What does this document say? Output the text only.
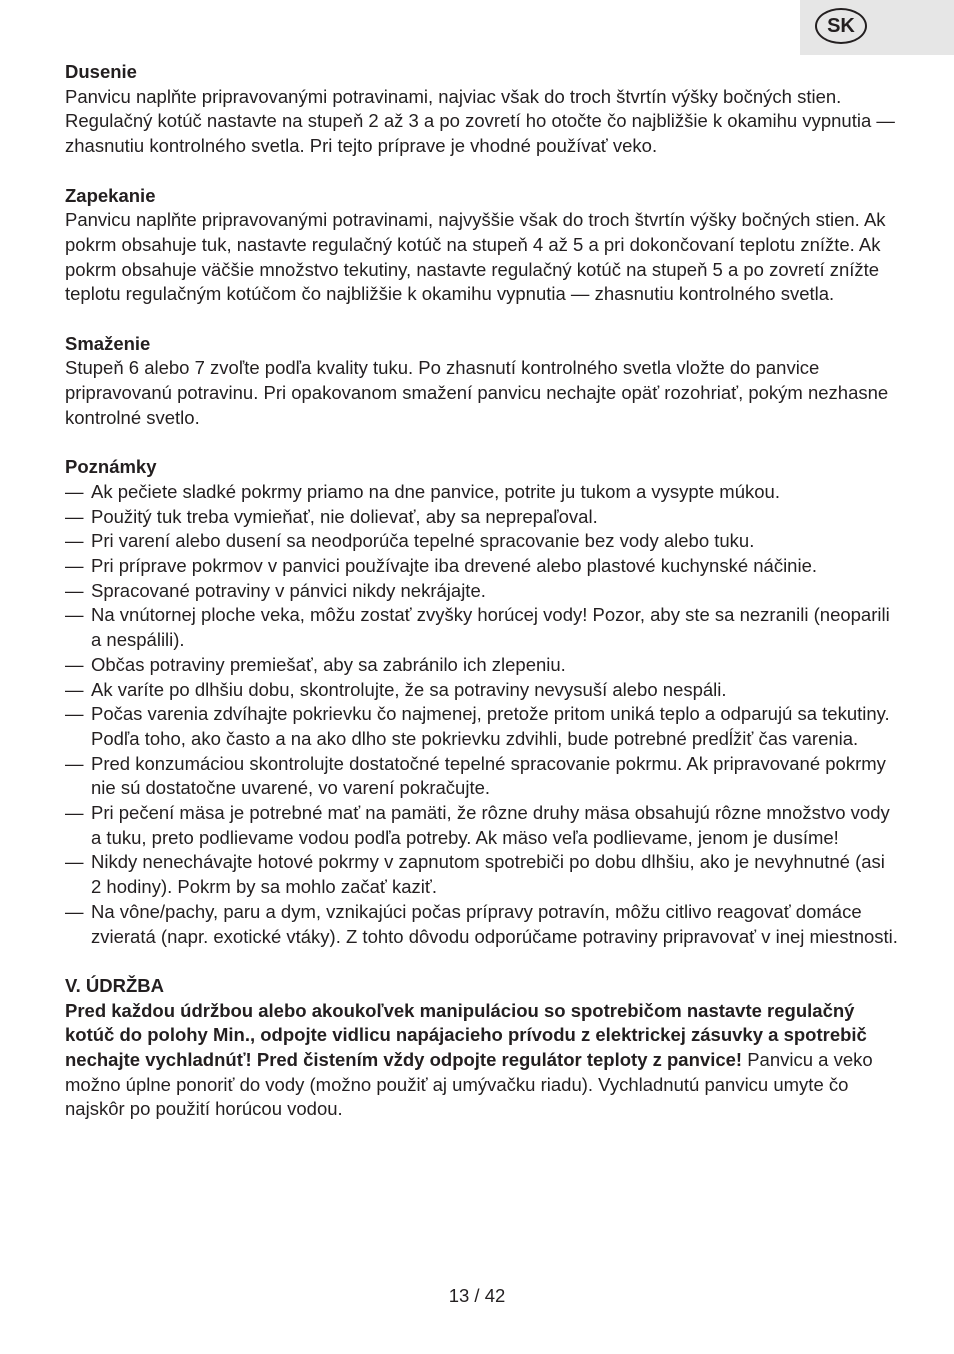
SK
Dusenie

Panvicu naplňte pripravovanými potravinami, najviac však do troch štvrtín výšky bočných stien. Regulačný kotúč nastavte na stupeň 2 až 3 a po zovretí ho otočte čo najbližšie k okamihu vypnutia — zhasnutiu kontrolného svetla. Pri tejto príprave je vhodné používať veko.

Zapekanie

Panvicu naplňte pripravovanými potravinami, najvyššie však do troch štvrtín výšky bočných stien. Ak pokrm obsahuje tuk, nastavte regulačný kotúč na stupeň 4 až 5 a pri dokončovaní teplotu znížte. Ak pokrm obsahuje väčšie množstvo tekutiny, nastavte regulačný kotúč na stupeň 5 a po zovretí znížte teplotu regulačným kotúčom čo najbližšie k okamihu vypnutia — zhasnutiu kontrolného svetla.

Smaženie

Stupeň 6 alebo 7 zvoľte podľa kvality tuku. Po zhasnutí kontrolného svetla vložte do panvice pripravovanú potravinu. Pri opakovanom smažení panvicu nechajte opäť rozohriať, pokým nezhasne kontrolné svetlo.

Poznámky
— Ak pečiete sladké pokrmy priamo na dne panvice, potrite ju tukom a vysypte múkou.
— Použitý tuk treba vymieňať, nie dolievať, aby sa neprepaľoval.
— Pri varení alebo dusení sa neodporúča tepelné spracovanie bez vody alebo tuku.
— Pri príprave pokrmov v panvici používajte iba drevené alebo plastové kuchynské náčinie.
— Spracované potraviny v pánvici nikdy nekrájajte.
— Na vnútornej ploche veka, môžu zostať zvyšky horúcej vody! Pozor, aby ste sa nezranili (neoparili a nespálili).
— Občas potraviny premiešať, aby sa zabránilo ich zlepeniu.
— Ak varíte po dlhšiu dobu, skontrolujte, že sa potraviny nevysuší alebo nespáli.
— Počas varenia zdvíhajte pokrievku čo najmenej, pretože pritom uniká teplo a odparujú sa tekutiny. Podľa toho, ako často a na ako dlho ste pokrievku zdvihli, bude potrebné predĺžiť čas varenia.
— Pred konzumáciou skontrolujte dostatočné tepelné spracovanie pokrmu. Ak pripravované pokrmy nie sú dostatočne uvarené, vo varení pokračujte.
— Pri pečení mäsa je potrebné mať na pamäti, že rôzne druhy mäsa obsahujú rôzne množstvo vody a tuku, preto podlievame vodou podľa potreby. Ak mäso veľa podlievame, jenom je dusíme!
— Nikdy nenechávajte hotové pokrmy v zapnutom spotrebiči po dobu dlhšiu, ako je nevyhnutné (asi 2 hodiny). Pokrm by sa mohlo začať kaziť.
— Na vône/pachy, paru a dym, vznikajúci počas prípravy potravín, môžu citlivo reagovať domáce zvieratá (napr. exotické vtáky). Z tohto dôvodu odporúčame potraviny pripravovať v inej miestnosti.
V. ÚDRŽBA

Pred každou údržbou alebo akoukoľvek manipuláciou so spotrebičom nastavte regulačný kotúč do polohy Min., odpojte vidlicu napájacieho prívodu z elektrickej zásuvky a spotrebič nechajte vychladnúť! Pred čistením vždy odpojte regulátor teploty z panvice! Panvicu a veko možno úplne ponoriť do vody (možno použiť aj umývačku riadu). Vychladnutú panvicu umyte čo najskôr po použití horúcou vodou.

13 / 42
